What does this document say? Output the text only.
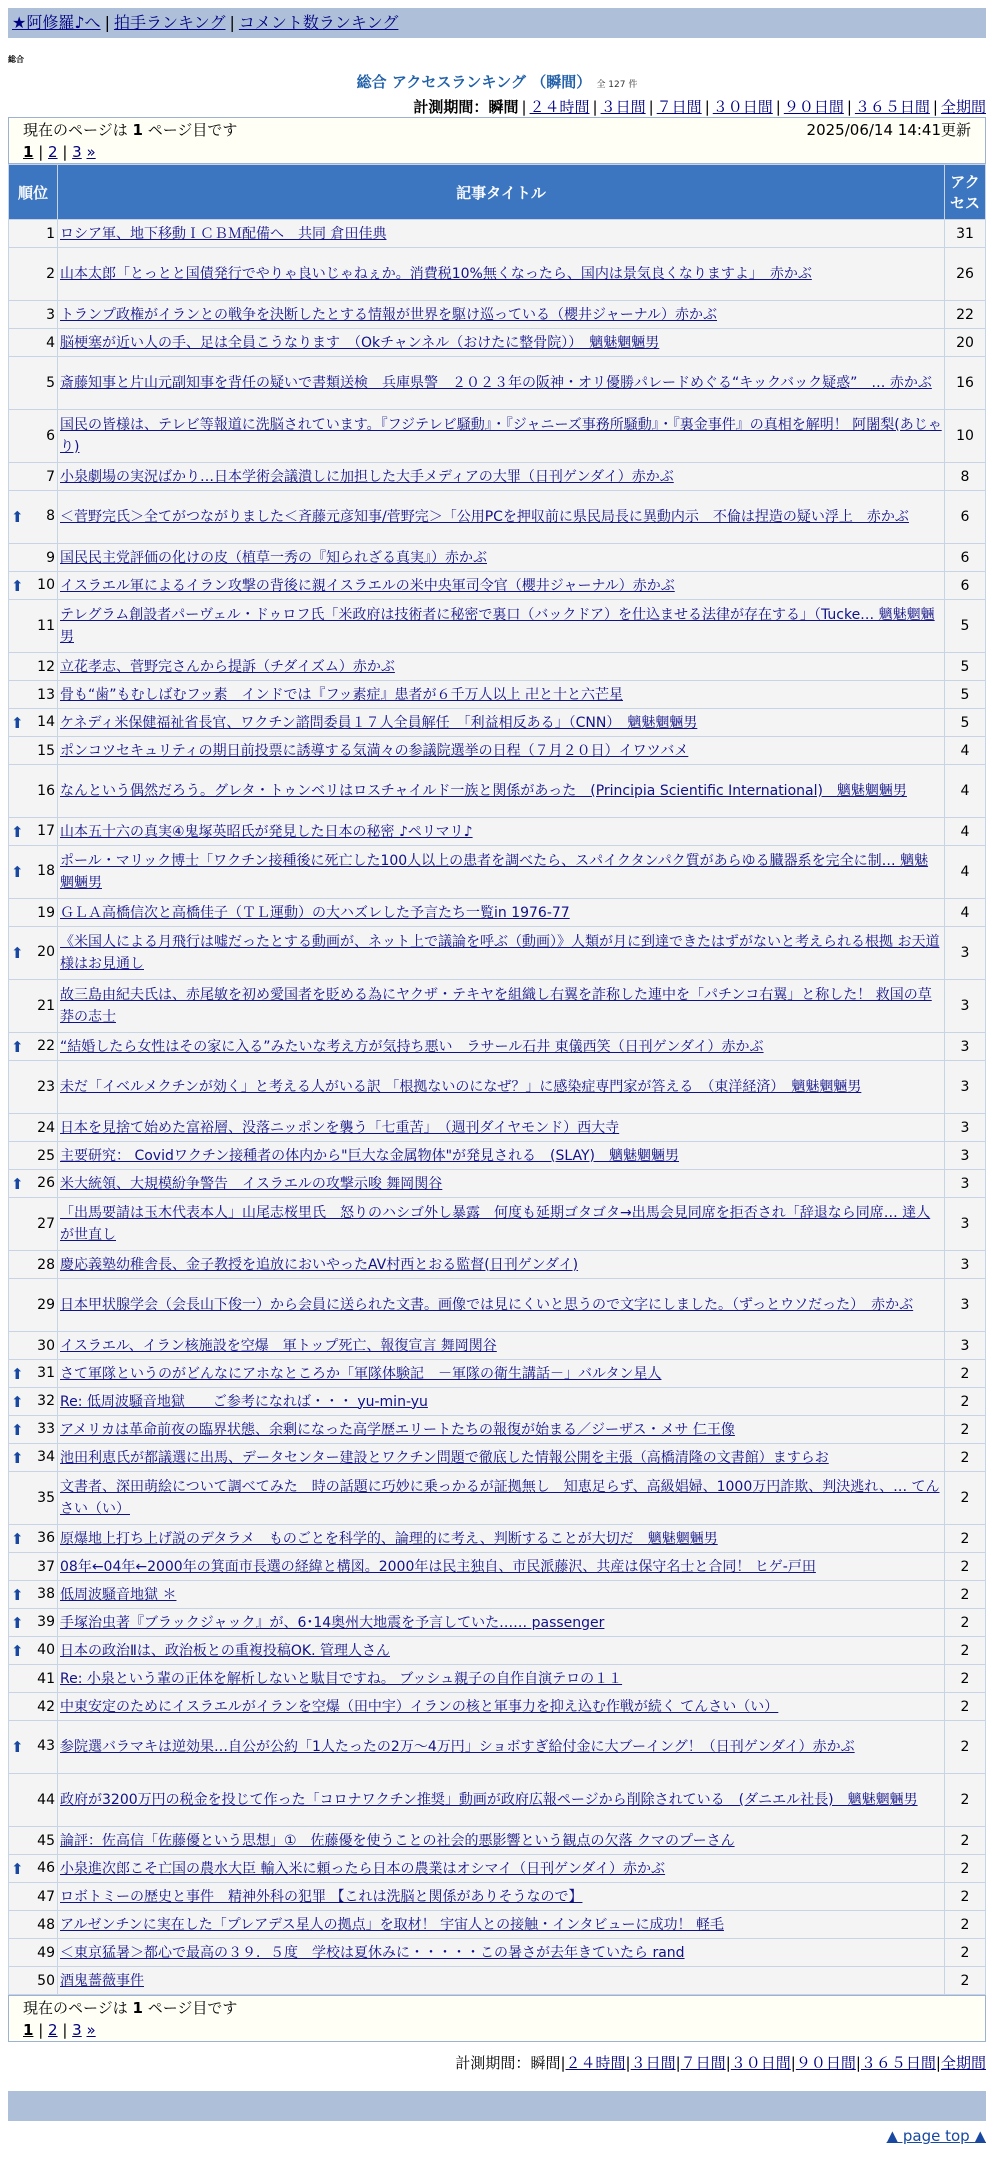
★阿修羅♪へ | 拍手ランキング | コメント数ランキング
総合
総合 アクセスランキング （瞬間） 全 127 件
計測期間：瞬間 | ２４時間 | ３日間 | ７日間 | ３０日間 | ９０日間 | ３６５日間 | 全期間
現在のページは 1 ページ目です	2025/06/14 14:41更新
1 | 2 | 3 »
順位	記事タイトル	アクセス
1	ロシア軍、地下移動ＩＣＢＭ配備へ　共同 倉田佳典	31
2	山本太郎「とっとと国債発行でやりゃ良いじゃねぇか。消費税10%無くなったら、国内は景気良くなりますよ」　赤かぶ	26
3	トランプ政権がイランとの戦争を決断したとする情報が世界を駆け巡っている（櫻井ジャーナル）赤かぶ	22
4	脳梗塞が近い人の手、足は全員こうなります　（Okチャンネル（おけたに整骨院））　魑魅魍魎男	20
5	斎藤知事と片山元副知事を背任の疑いで書類送検　兵庫県警　２０２３年の阪神・オリ優勝パレードめぐる“キックバック疑惑”　… 赤かぶ	16
6	国民の皆様は、テレビ等報道に洗脳されています。『フジテレビ騒動』・『ジャニーズ事務所騒動』・『裏金事件』の真相を解明！ 阿闍梨(あじゃり)	10
7	小泉劇場の実況ばかり…日本学術会議潰しに加担した大手メディアの大罪（日刊ゲンダイ）赤かぶ	8

⬆ 8	＜菅野完氏＞全てがつながりました＜斉藤元彦知事/菅野完＞「公用PCを押収前に県民局長に異動内示　不倫は捏造の疑い浮上　赤かぶ	6
9	国民民主党評価の化けの皮（植草一秀の『知られざる真実』）赤かぶ	6

⬆ 10	イスラエル軍によるイラン攻撃の背後に親イスラエルの米中央軍司令官（櫻井ジャーナル）赤かぶ	6
11	テレグラム創設者パーヴェル・ドゥロフ氏「米政府は技術者に秘密で裏口（バックドア）を仕込ませる法律が存在する」（Tucke… 魑魅魍魎男	5
12	立花孝志、菅野完さんから提訴（チダイズム）赤かぶ	5
13	骨も“歯”もむしばむフッ素　インドでは『フッ素症』患者が６千万人以上 卍と十と六芒星	5

⬆ 14	ケネディ米保健福祉省長官、ワクチン諮問委員１７人全員解任　「利益相反ある」（CNN）　魑魅魍魎男	5
15	ポンコツセキュリティの期日前投票に誘導する気満々の参議院選挙の日程（７月２０日）イワツバメ	4
16	なんという偶然だろう。グレタ・トゥンベリはロスチャイルド一族と関係があった　(Principia Scientific International)　魑魅魍魎男	4

⬆ 17	山本五十六の真実④鬼塚英昭氏が発見した日本の秘密 ♪ペリマリ♪	4

⬆ 18	ポール・マリック博士「ワクチン接種後に死亡した100人以上の患者を調べたら、スパイクタンパク質があらゆる臓器系を完全に制… 魑魅魍魎男	4
19	ＧＬＡ高橋信次と高橋佳子（ＴＬ運動）の大ハズレした予言たち一覧in 1976-77	4

⬆ 20	《米国人による月飛行は嘘だったとする動画が、ネット上で議論を呼ぶ（動画）》人類が月に到達できたはずがないと考えられる根拠 お天道様はお見通し	3
21	故三島由紀夫氏は、赤尾敏を初め愛国者を貶める為にヤクザ・テキヤを組織し右翼を詐称した連中を「パチンコ右翼」と称した！ 救国の草莽の志士	3

⬆ 22	“結婚したら女性はその家に入る”みたいな考え方が気持ち悪い　ラサール石井 東儀西笑（日刊ゲンダイ）赤かぶ	3
23	未だ「イベルメクチンが効く」と考える人がいる訳 「根拠ないのになぜ？」に感染症専門家が答える　（東洋経済）　魑魅魍魎男	3
24	日本を見捨て始めた富裕層、没落ニッポンを襲う「七重苦」　（週刊ダイヤモンド）西大寺	3
25	主要研究： Covidワクチン接種者の体内から"巨大な金属物体"が発見される　(SLAY)　魑魅魍魎男	3

⬆ 26	米大統領、大規模紛争警告　イスラエルの攻撃示唆 舞岡関谷	3
27	「出馬要請は玉木代表本人」山尾志桜里氏　怒りのハシゴ外し暴露　何度も延期ゴタゴタ→出馬会見同席を拒否され「辞退なら同席… 達人が世直し	3
28	慶応義塾幼稚舎長、金子教授を追放においやったAV村西とおる監督(日刊ゲンダイ)	3
29	日本甲状腺学会（会長山下俊一）から会員に送られた文書。画像では見にくいと思うので文字にしました。（ずっとウソだった）　赤かぶ	3
30	イスラエル、イラン核施設を空爆　軍トップ死亡、報復宣言 舞岡関谷	3

⬆ 31	さて軍隊というのがどんなにアホなところか「軍隊体験記　－軍隊の衛生講話－」バルタン星人	2

⬆ 32	Re: 低周波騒音地獄　　ご参考になれば・・・ yu-min-yu	2

⬆ 33	アメリカは革命前夜の臨界状態、余剰になった高学歴エリートたちの報復が始まる／ジーザス・メサ 仁王像	2

⬆ 34	池田利恵氏が都議選に出馬、データセンター建設とワクチン問題で徹底した情報公開を主張（高橋清隆の文書館）ますらお	2
35	文書者、深田萌絵について調べてみた　時の話題に巧妙に乗っかるが証拠無し　知恵足らず、高級娼婦、1000万円詐欺、判決逃れ、… てんさい（い）	2

⬆ 36	原爆地上打ち上げ説のデタラメ　ものごとを科学的、論理的に考え、判断することが大切だ　魑魅魍魎男	2
37	08年←04年←2000年の箕面市長選の経緯と構図。2000年は民主独自、市民派藤沢、共産は保守名士と合同！ ヒゲ-戸田	2

⬆ 38	低周波騒音地獄 ＊	2

⬆ 39	手塚治虫著『ブラックジャック』が、6･14奥州大地震を予言していた…… passenger	2

⬆ 40	日本の政治Ⅱは、政治板との重複投稿OK. 管理人さん	2
41	Re: 小泉という輩の正体を解析しないと駄目ですね。 ブッシュ親子の自作自演テロの１１	2
42	中東安定のためにイスラエルがイランを空爆（田中宇）イランの核と軍事力を抑え込む作戦が続く てんさい（い）	2

⬆ 43	参院選バラマキは逆効果…自公が公約「1人たったの2万〜4万円」ショボすぎ給付金に大ブーイング！（日刊ゲンダイ）赤かぶ	2
44	政府が3200万円の税金を投じて作った「コロナワクチン推奨」動画が政府広報ページから削除されている　(ダニエル社長)　魑魅魍魎男	2
45	論評：佐高信「佐藤優という思想」①　佐藤優を使うことの社会的悪影響という観点の欠落 クマのプーさん	2

⬆ 46	小泉進次郎こそ亡国の農水大臣 輸入米に頼ったら日本の農業はオシマイ（日刊ゲンダイ）赤かぶ	2
47	ロボトミーの歴史と事件　精神外科の犯罪 【これは洗脳と関係がありそうなので】	2
48	アルゼンチンに実在した「プレアデス星人の拠点」を取材！ 宇宙人との接触・インタビューに成功！ 軽毛	2
49	＜東京猛暑＞都心で最高の３９．５度　学校は夏休みに・・・・・この暑さが去年きていたら rand	2
50	酒鬼薔薇事件	2
現在のページは 1 ページ目です
1 | 2 | 3 »
計測期間：瞬間|２４時間|３日間|７日間|３０日間|９０日間|３６５日間|全期間
▲ page top ▲
